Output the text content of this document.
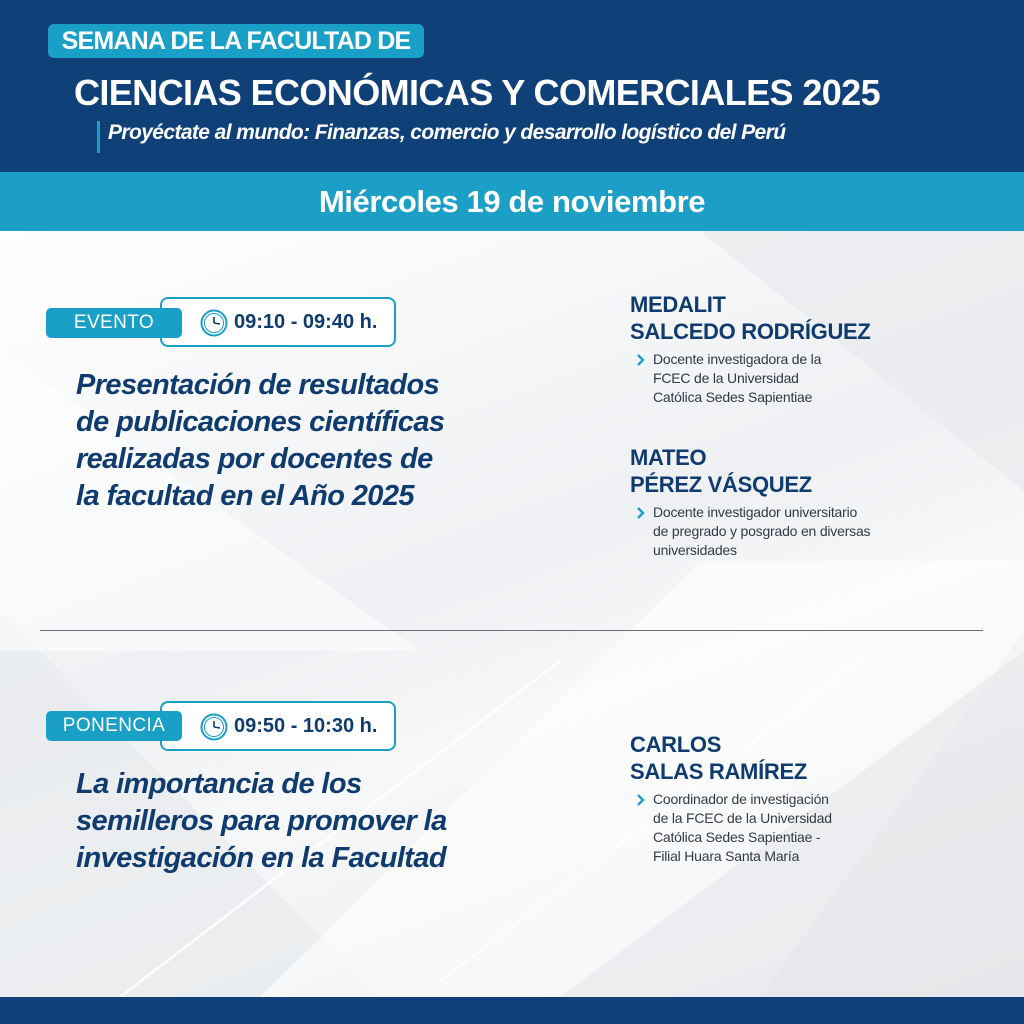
SEMANA DE LA FACULTAD DE
CIENCIAS ECONÓMICAS Y COMERCIALES 2025
Proyéctate al mundo: Finanzas, comercio y desarrollo logístico del Perú
Miércoles 19 de noviembre
09:10 - 09:40 h.
EVENTO
Presentación de resultados
de publicaciones científicas
realizadas por docentes de
la facultad en el Año 2025
MEDALIT
SALCEDO RODRÍGUEZ
Docente investigadora de la
FCEC de la Universidad
Católica Sedes Sapientiae
MATEO
PÉREZ VÁSQUEZ
Docente investigador universitario
de pregrado y posgrado en diversas
universidades
09:50 - 10:30 h.
PONENCIA
La importancia de los
semilleros para promover la
investigación en la Facultad
CARLOS
SALAS RAMÍREZ
Coordinador de investigación
de la FCEC de la Universidad
Católica Sedes Sapientiae -
Filial Huara Santa María
